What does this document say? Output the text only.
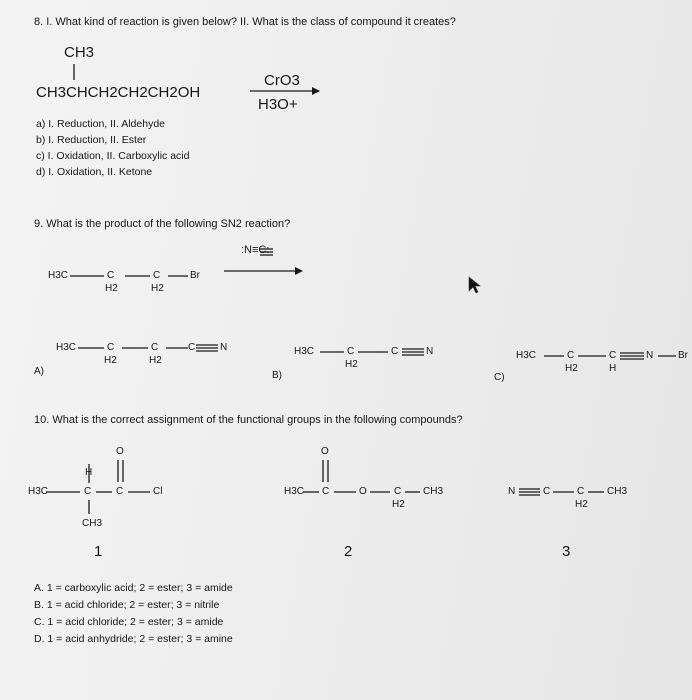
8. I. What kind of reaction is given below? II. What is the class of compound it creates?
CH3
CH3CHCH2CH2CH2OH
CrO3
H3O+
a) I. Reduction, II. Aldehyde
b) I. Reduction, II. Ester
c) I. Oxidation, II. Carboxylic acid
d) I. Oxidation, II. Ketone
9. What is the product of the following SN2 reaction?
:N≡C:
H3C	C	C	Br
H2	H2
A)
H3C	C	C	C N
H2	H2
B)
H3C	C	C	N
H2
C)
H3C	C	C	N Br
H2	H
10. What is the correct assignment of the functional groups in the following compounds?
O
H
H3C	C C	Cl
CH3
1
O
H3C C	O	C CH3
H2
2
N	C	C CH3
H2
3
A. 1 = carboxylic acid; 2 = ester; 3 = amide
B. 1 = acid chloride; 2 = ester; 3 = nitrile
C. 1 = acid chloride; 2 = ester; 3 = amide
D. 1 = acid anhydride; 2 = ester; 3 = amine
